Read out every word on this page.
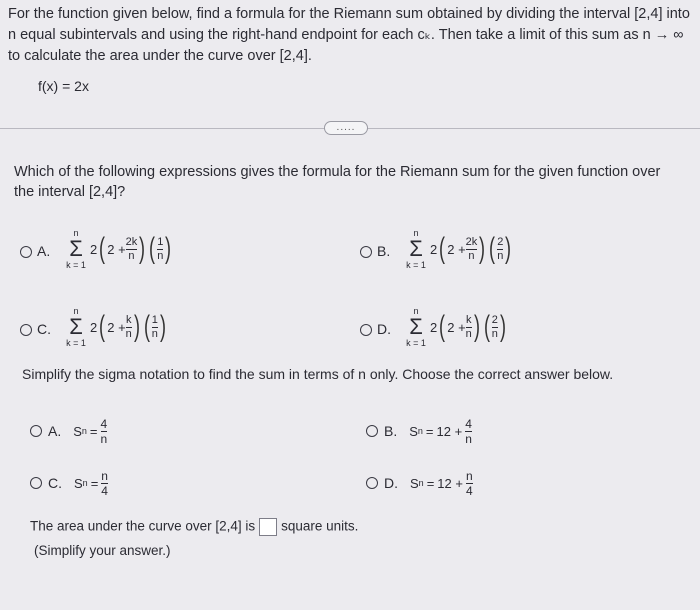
For the function given below, find a formula for the Riemann sum obtained by dividing the interval [2,4] into n equal subintervals and using the right-hand endpoint for each cₖ. Then take a limit of this sum as n → ∞ to calculate the area under the curve over [2,4].
f(x) = 2x
.....
Which of the following expressions gives the formula for the Riemann sum for the given function over the interval [2,4]?
A.
n
Σ
k = 1
2 ( $2 + \frac{2k}{n}$ ) ( $\frac{1}{n}$ )	B.
n
Σ
k = 1
2 ( $2 + \frac{2k}{n}$ ) ( $\frac{2}{n}$ )
C.
n
Σ
k = 1
2 ( $2 + \frac{k}{n}$ ) ( $\frac{1}{n}$ )	D.
n
Σ
k = 1
2 ( $2 + \frac{k}{n}$ ) ( $\frac{2}{n}$ )
Simplify the sigma notation to find the sum in terms of n only. Choose the correct answer below.
A. S $n = \frac{4}{n}$	B. S $n = 12 + \frac{4}{n}$
C. S $n = \frac{n}{4}$	D. S $n = 12 + \frac{n}{4}$
The area under the curve over [2,4] is square units.
(Simplify your answer.)
